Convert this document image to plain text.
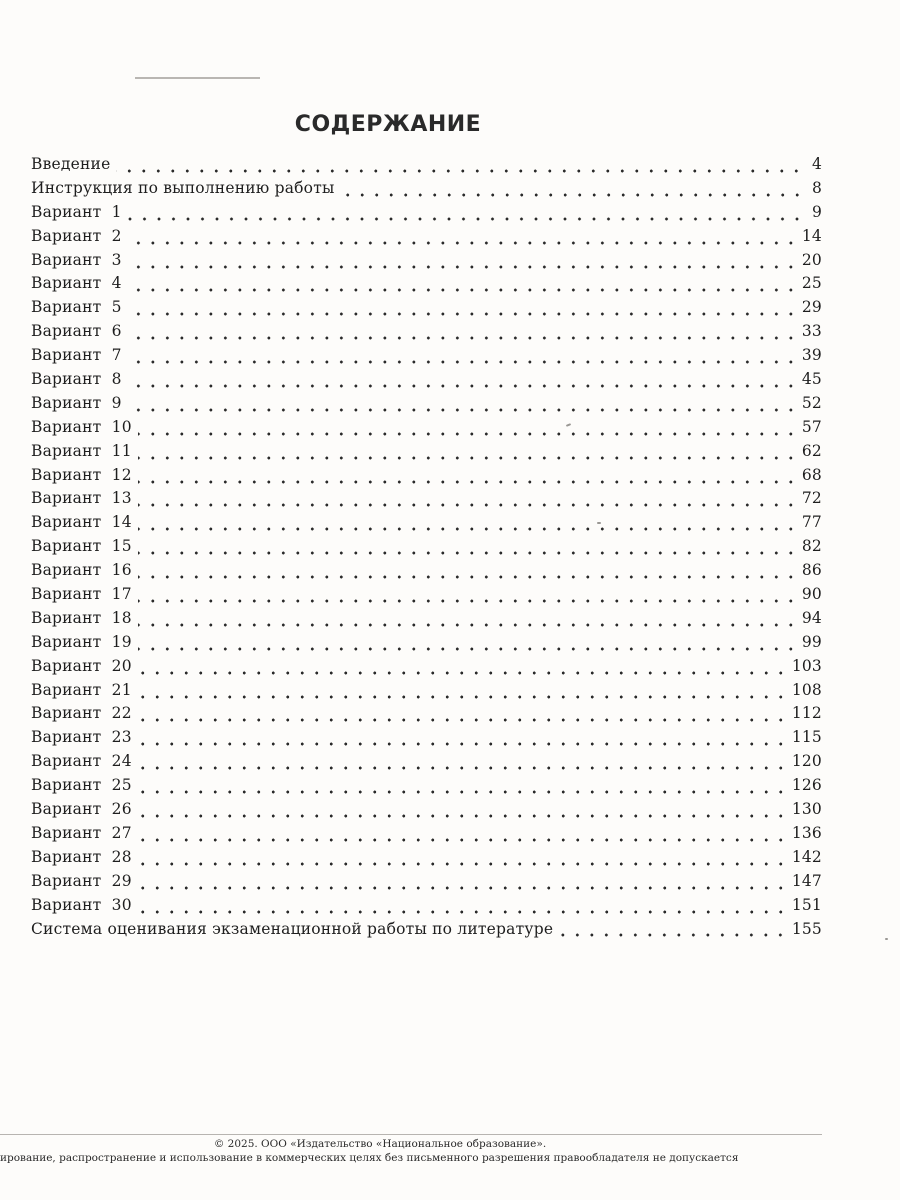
СОДЕРЖАНИЕ
Введение	4
Инструкция по выполнению работы	8
Вариант  1	9
Вариант  2	14
Вариант  3	20
Вариант  4	25
Вариант  5	29
Вариант  6	33
Вариант  7	39
Вариант  8	45
Вариант  9	52
Вариант  10	57
Вариант  11	62
Вариант  12	68
Вариант  13	72
Вариант  14	77
Вариант  15	82
Вариант  16	86
Вариант  17	90
Вариант  18	94
Вариант  19	99
Вариант  20	103
Вариант  21	108
Вариант  22	112
Вариант  23	115
Вариант  24	120
Вариант  25	126
Вариант  26	130
Вариант  27	136
Вариант  28	142
Вариант  29	147
Вариант  30	151
Система оценивания экзаменационной работы по литературе	155
© 2025. ООО «Издательство «Национальное образование».
ирование, распространение и использование в коммерческих целях без письменного разрешения правообладателя не допускается
